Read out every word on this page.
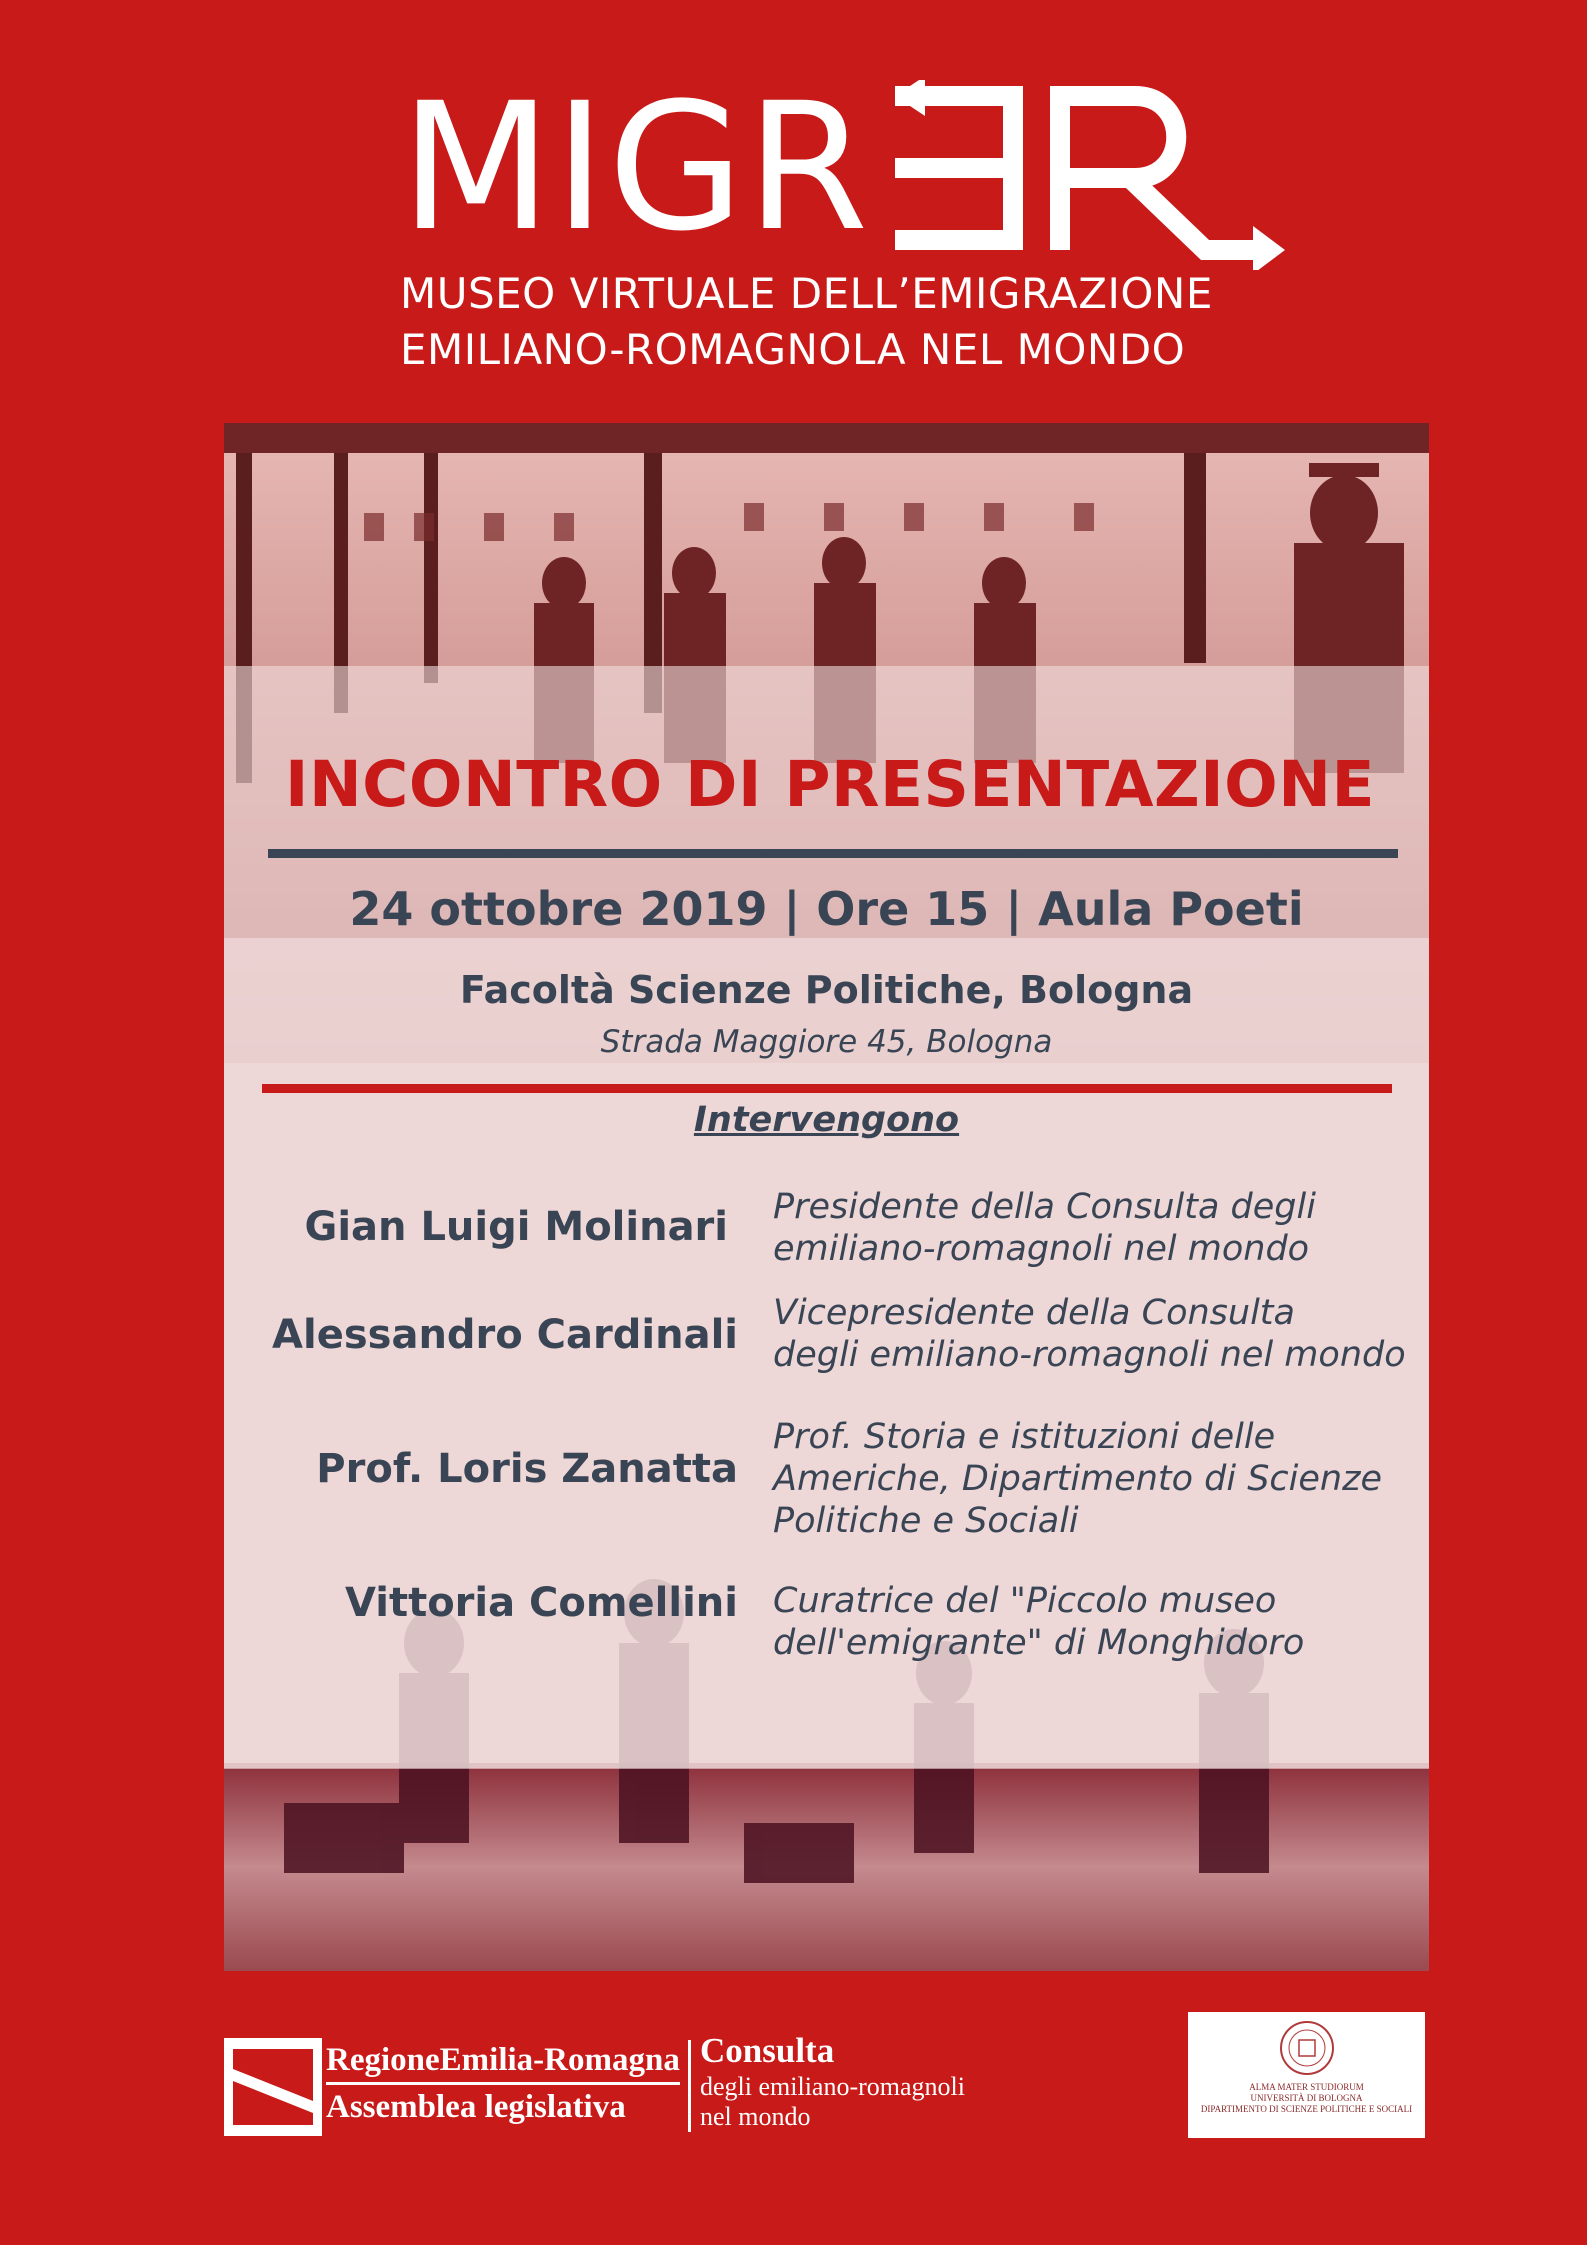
MIGR
MUSEO VIRTUALE DELL’EMIGRAZIONE
EMILIANO-ROMAGNOLA NEL MONDO
INCONTRO DI PRESENTAZIONE
24 ottobre 2019 | Ore 15 | Aula Poeti
Facoltà Scienze Politiche, Bologna
Strada Maggiore 45, Bologna
Intervengono
Gian Luigi Molinari Presidente della Consulta degli
emiliano-romagnoli nel mondo
Alessandro Cardinali Vicepresidente della Consulta
degli emiliano-romagnoli nel mondo
Prof. Loris Zanatta
Prof. Storia e istituzioni delle
Americhe, Dipartimento di Scienze
Politiche e Sociali
Vittoria Comellini Curatrice del "Piccolo museo
dell'emigrante" di Monghidoro
RegioneEmilia-Romagna
Assemblea legislativa
Consulta
degli emiliano-romagnoli
nel mondo
ALMA MATER STUDIORUM
UNIVERSITÀ DI BOLOGNA
DIPARTIMENTO DI SCIENZE POLITICHE E SOCIALI
